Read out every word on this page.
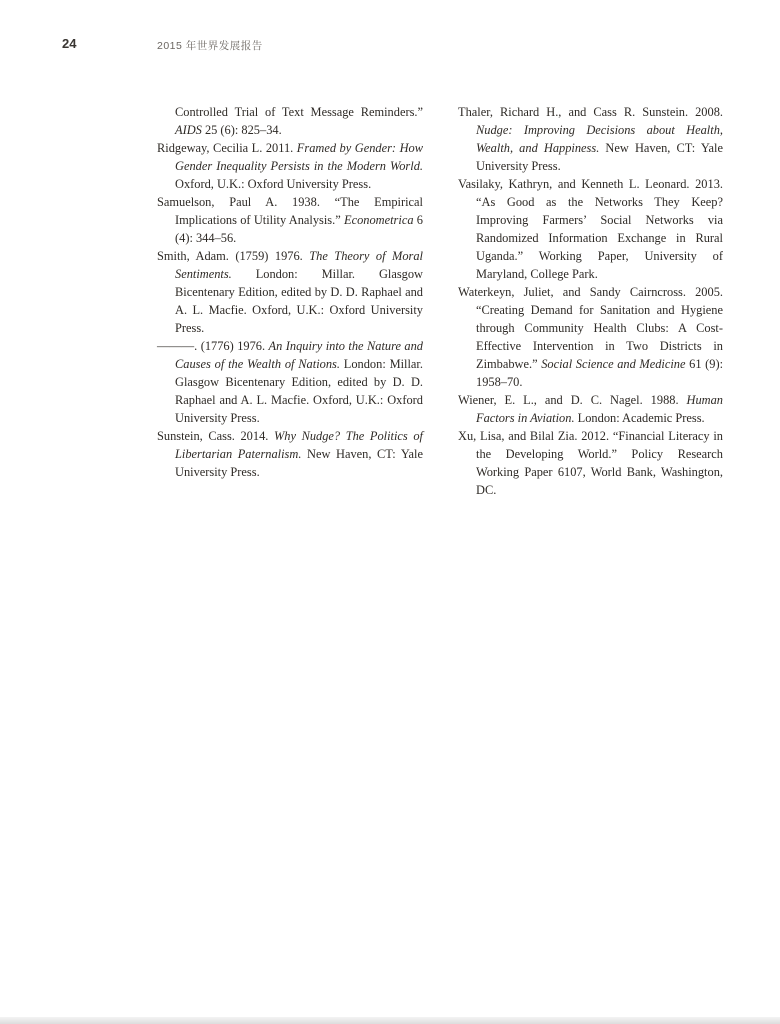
24	2015 年世界发展报告

Controlled Trial of Text Message Reminders.” AIDS 25 (6): 825–34.

Ridgeway, Cecilia L. 2011. Framed by Gender: How Gender Inequality Persists in the Modern World. Oxford, U.K.: Oxford University Press.

Samuelson, Paul A. 1938. “The Empirical Implications of Utility Analysis.” Econometrica 6 (4): 344–56.

Smith, Adam. (1759) 1976. The Theory of Moral Sentiments. London: Millar. Glasgow Bicentenary Edition, edited by D. D. Raphael and A. L. Macfie. Oxford, U.K.: Oxford University Press.

———. (1776) 1976. An Inquiry into the Nature and Causes of the Wealth of Nations. London: Millar. Glasgow Bicentenary Edition, edited by D. D. Raphael and A. L. Macfie. Oxford, U.K.: Oxford University Press.

Sunstein, Cass. 2014. Why Nudge? The Politics of Libertarian Paternalism. New Haven, CT: Yale University Press.

Thaler, Richard H., and Cass R. Sunstein. 2008. Nudge: Improving Decisions about Health, Wealth, and Happiness. New Haven, CT: Yale University Press.

Vasilaky, Kathryn, and Kenneth L. Leonard. 2013. “As Good as the Networks They Keep? Improving Farmers’ Social Networks via Randomized Information Exchange in Rural Uganda.” Working Paper, University of Maryland, College Park.

Waterkeyn, Juliet, and Sandy Cairncross. 2005. “Creating Demand for Sanitation and Hygiene through Community Health Clubs: A Cost-Effective Intervention in Two Districts in Zimbabwe.” Social Science and Medicine 61 (9): 1958–70.

Wiener, E. L., and D. C. Nagel. 1988. Human Factors in Aviation. London: Academic Press.

Xu, Lisa, and Bilal Zia. 2012. “Financial Literacy in the Developing World.” Policy Research Working Paper 6107, World Bank, Washington, DC.
